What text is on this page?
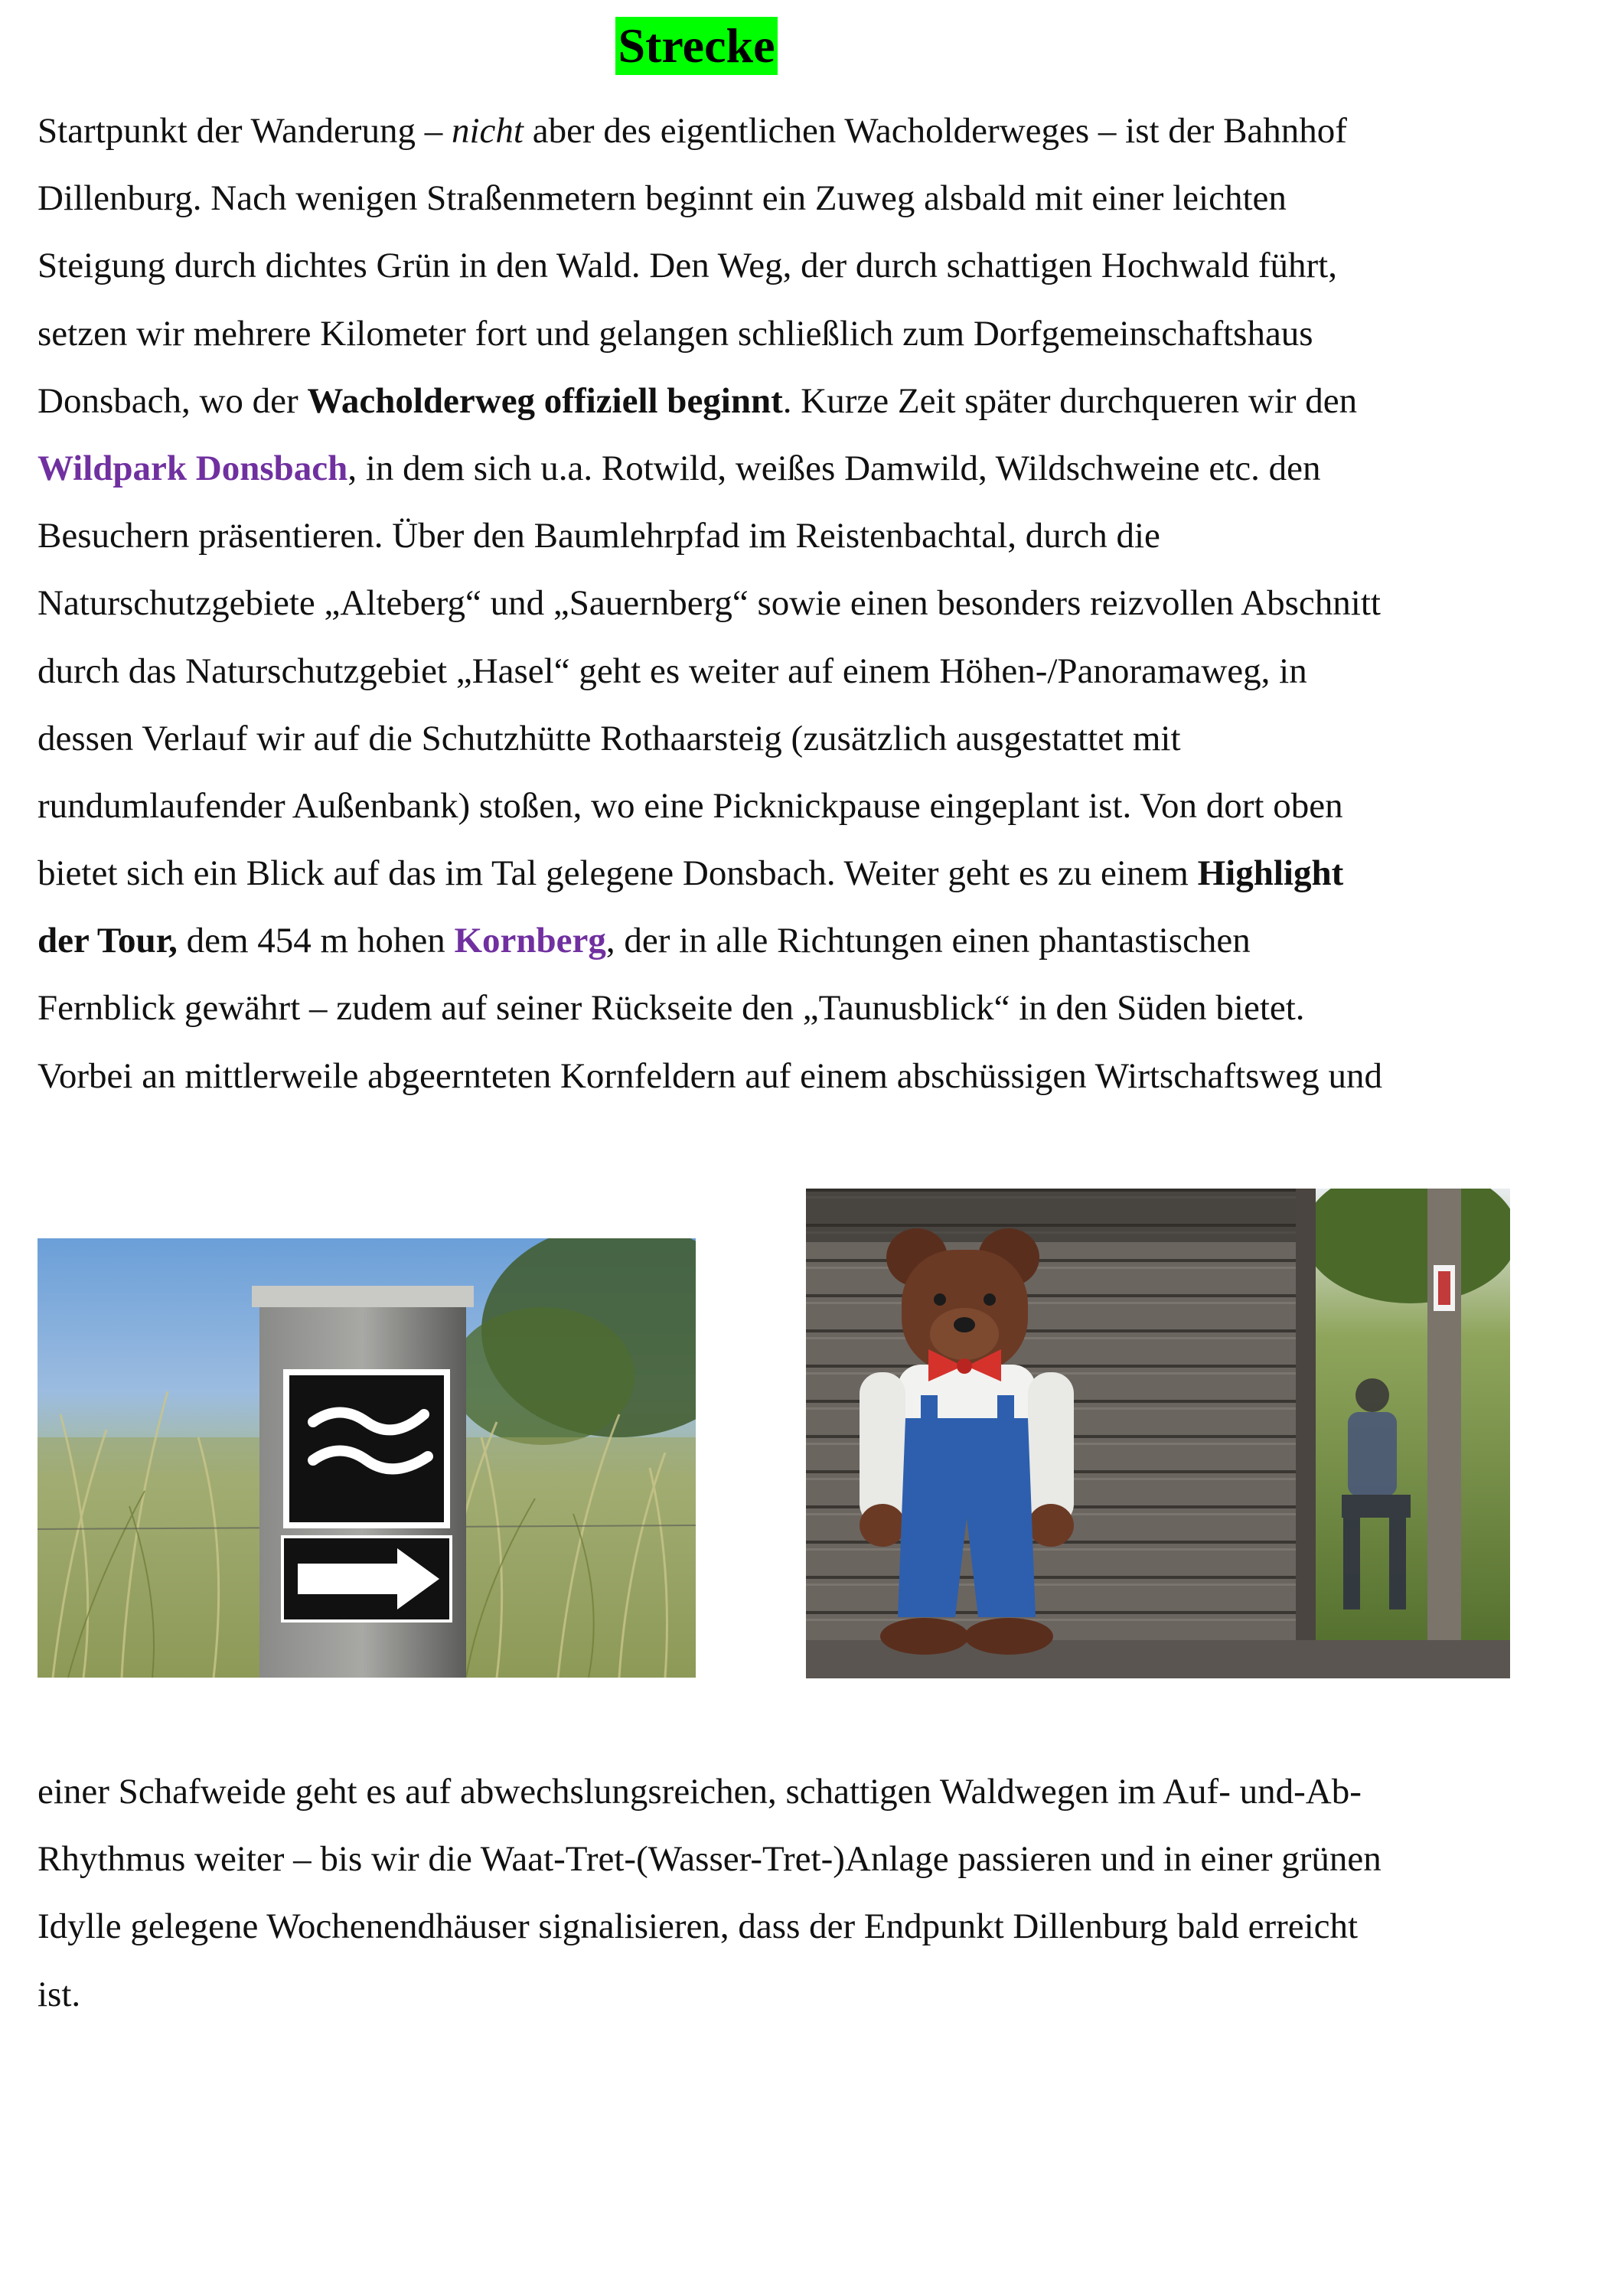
Strecke
Startpunkt der Wanderung – nicht aber des eigentlichen Wacholderweges – ist der Bahnhof
Dillenburg. Nach wenigen Straßenmetern beginnt ein Zuweg alsbald mit einer leichten
Steigung durch dichtes Grün in den Wald. Den Weg, der durch schattigen Hochwald führt,
setzen wir mehrere Kilometer fort und gelangen schließlich zum Dorfgemeinschaftshaus
Donsbach, wo der Wacholderweg offiziell beginnt. Kurze Zeit später durchqueren wir den
Wildpark Donsbach, in dem sich u.a. Rotwild, weißes Damwild, Wildschweine etc. den
Besuchern präsentieren. Über den Baumlehrpfad im Reistenbachtal, durch die
Naturschutzgebiete „Alteberg“ und „Sauernberg“ sowie einen besonders reizvollen Abschnitt
durch das Naturschutzgebiet „Hasel“ geht es weiter auf einem Höhen-/Panoramaweg, in
dessen Verlauf wir auf die Schutzhütte Rothaarsteig (zusätzlich ausgestattet mit
rundumlaufender Außenbank) stoßen, wo eine Picknickpause eingeplant ist. Von dort oben
bietet sich ein Blick auf das im Tal gelegene Donsbach. Weiter geht es zu einem Highlight
der Tour, dem 454 m hohen Kornberg, der in alle Richtungen einen phantastischen
Fernblick gewährt – zudem auf seiner Rückseite den „Taunusblick“ in den Süden bietet.
Vorbei an mittlerweile abgeernteten Kornfeldern auf einem abschüssigen Wirtschaftsweg und
einer Schafweide geht es auf abwechslungsreichen, schattigen Waldwegen im Auf- und-Ab-
Rhythmus weiter – bis wir die Waat-Tret-(Wasser-Tret-)Anlage passieren und in einer grünen
Idylle gelegene Wochenendhäuser signalisieren, dass der Endpunkt Dillenburg bald erreicht
ist.
